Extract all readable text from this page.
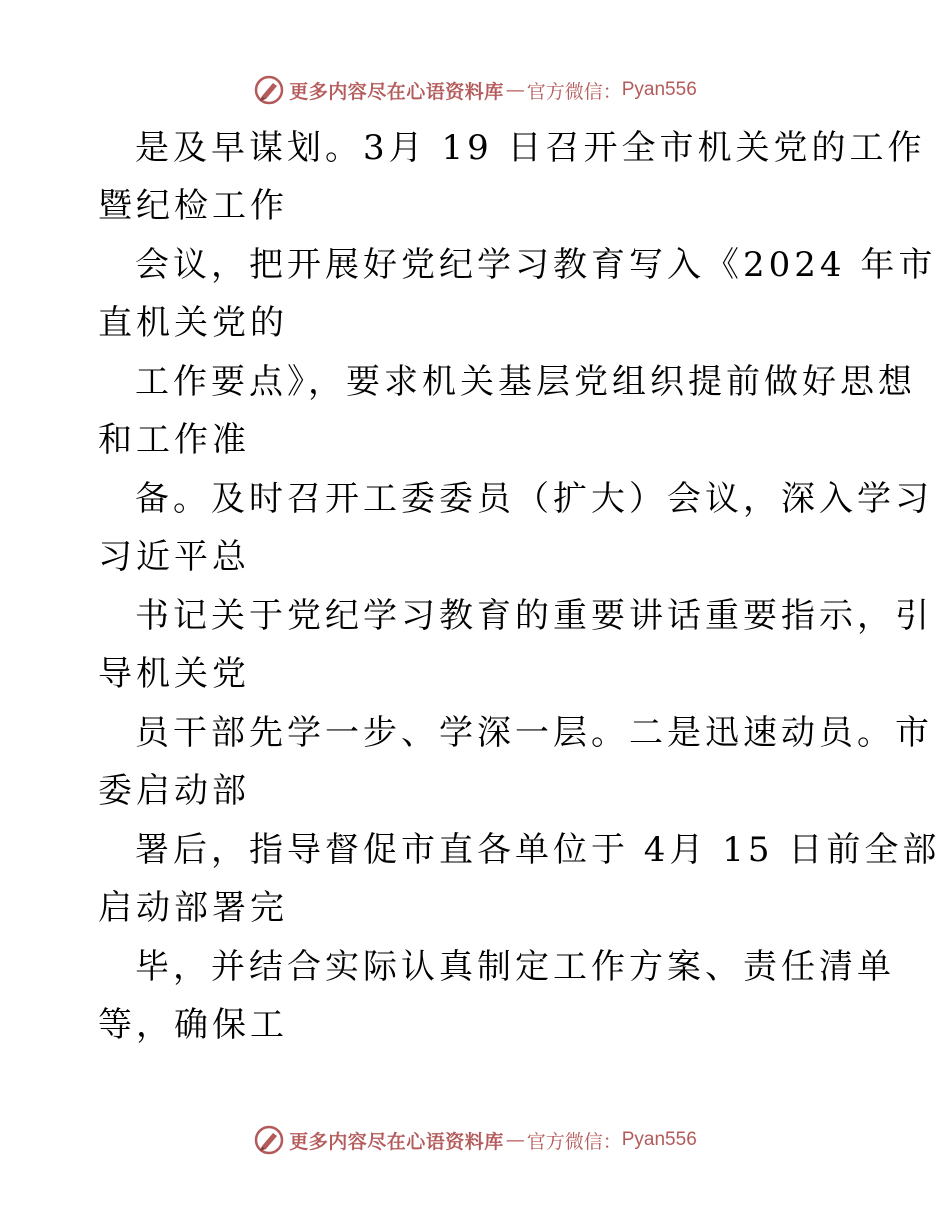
更多内容尽在心语资料库 — 官方微信： Pyan556
是及早谋划。3月 19 日召开全市机关党的工作
暨纪检工作
会议，把开展好党纪学习教育写入《2024 年市
直机关党的
工作要点》，要求机关基层党组织提前做好思想
和工作准
备。及时召开工委委员（扩大）会议，深入学习
习近平总
书记关于党纪学习教育的重要讲话重要指示，引
导机关党
员干部先学一步、学深一层。二是迅速动员。市
委启动部
署后，指导督促市直各单位于 4月 15 日前全部
启动部署完
毕，并结合实际认真制定工作方案、责任清单
等，确保工
更多内容尽在心语资料库 — 官方微信： Pyan556
